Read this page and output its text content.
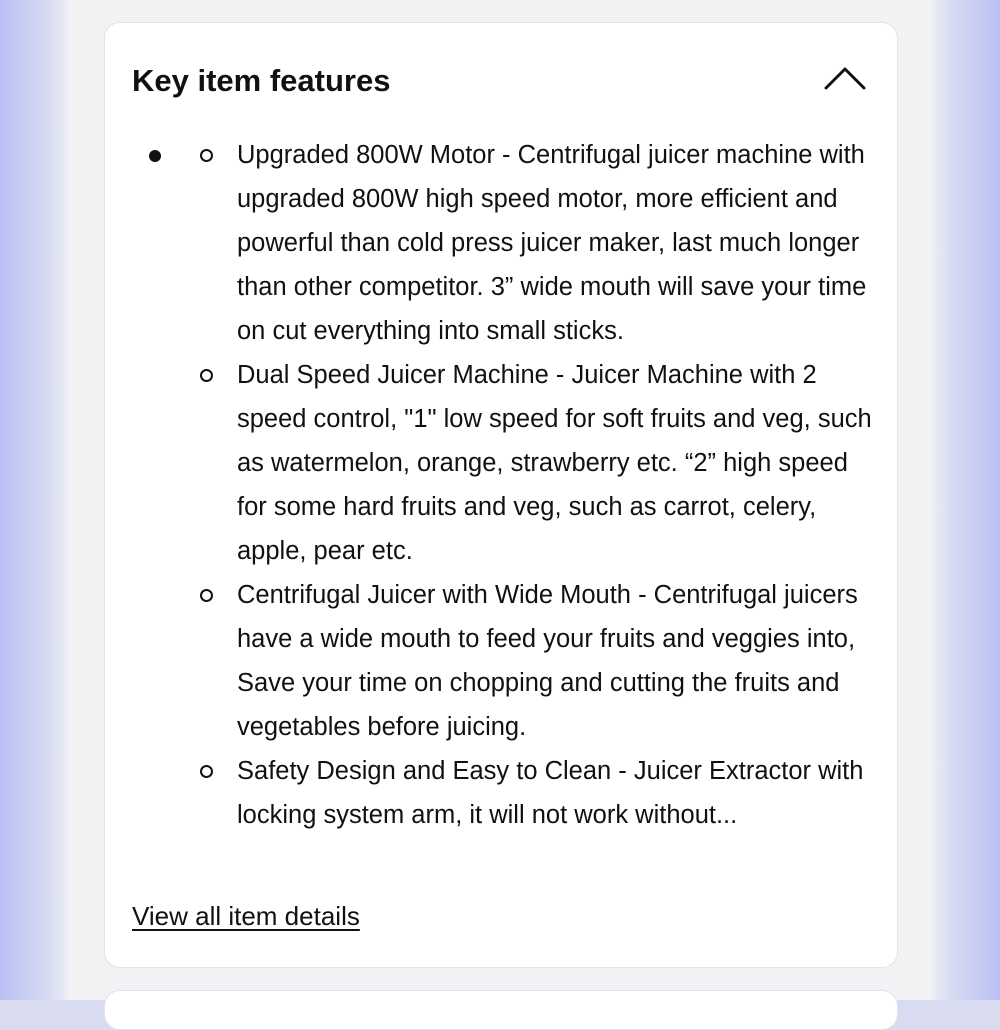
Key item features
Upgraded 800W Motor - Centrifugal juicer machine with upgraded 800W high speed motor, more efficient and powerful than cold press juicer maker, last much longer than other competitor. 3” wide mouth will save your time on cut everything into small sticks.
Dual Speed Juicer Machine - Juicer Machine with 2 speed control, "1" low speed for soft fruits and veg, such as watermelon, orange, strawberry etc. “2” high speed for some hard fruits and veg, such as carrot, celery, apple, pear etc.
Centrifugal Juicer with Wide Mouth - Centrifugal juicers have a wide mouth to feed your fruits and veggies into, Save your time on chopping and cutting the fruits and vegetables before juicing.
Safety Design and Easy to Clean - Juicer Extractor with locking system arm, it will not work without...
View all item details
